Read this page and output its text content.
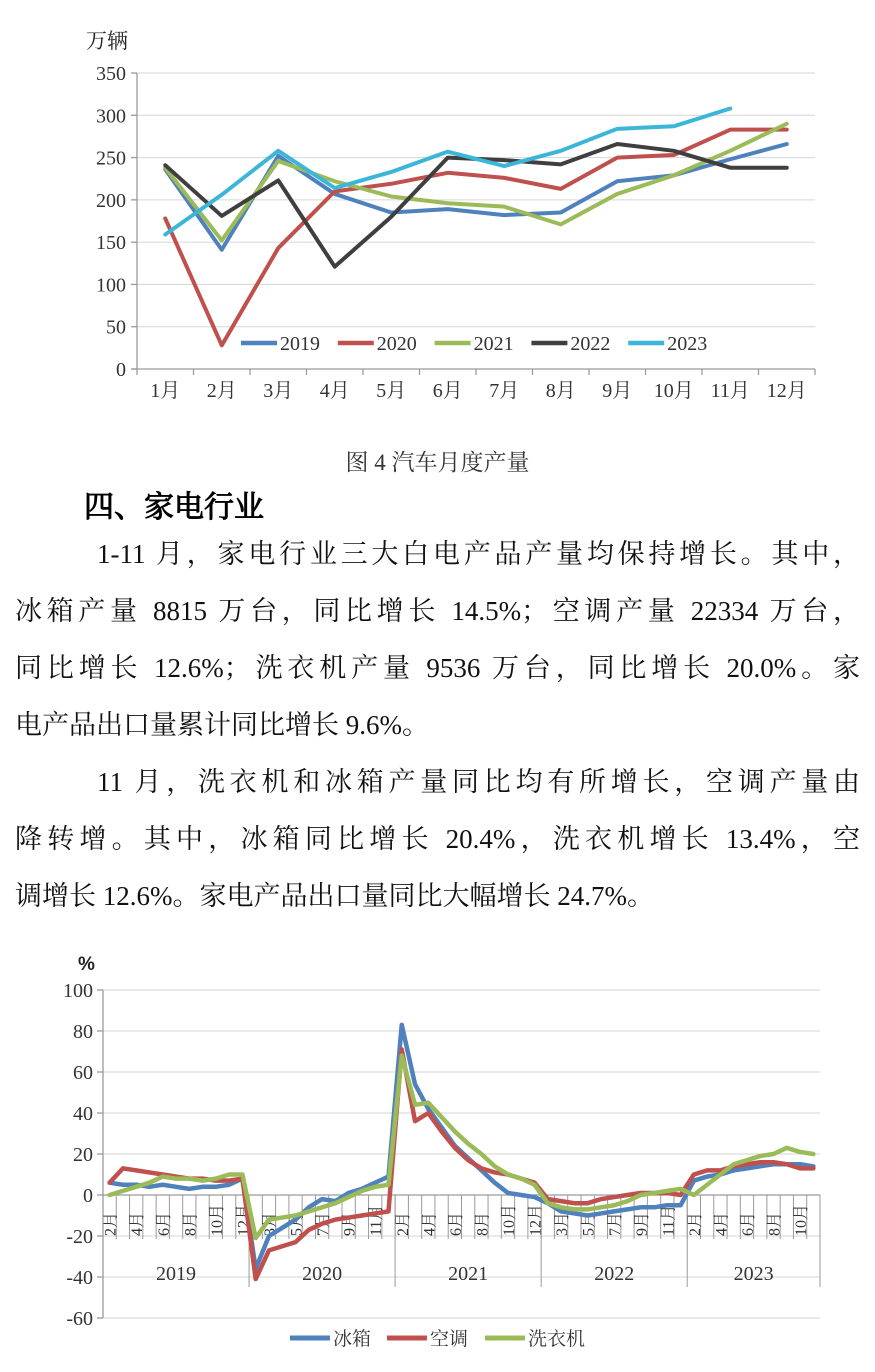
万辆
0
50
100
150
200
250
300
350
1月 2月 3月 4月 5月 6月 7月 8月 9月 10月 11月 12月
2019	2020	2021	2022	2023
图 4 汽车月度产量
四、家电行业
1-11 月，家电行业三大白电产品产量均保持增长。其中，
冰箱产量 8815 万台，同比增长 14.5%；空调产量 22334 万台，
同比增长 12.6%；洗衣机产量 9536 万台，同比增长 20.0%。家
电产品出口量累计同比增长 9.6%。
11 月，洗衣机和冰箱产量同比均有所增长，空调产量由
降转增。其中，冰箱同比增长 20.4%，洗衣机增长 13.4%，空
调增长 12.6%。家电产品出口量同比大幅增长 24.7%。
%
-60
-40
-20
0
20
40
60
80
100
2月 4月 6月 8月 10月 12月 3月 5月 7月 9月 11月 2月 4月 6月 8月 10月 12月 3月 5月 7月 9月 11月 2月 4月 6月 8月 10月
2019	2020	2021	2022	2023
冰箱	空调	洗衣机
